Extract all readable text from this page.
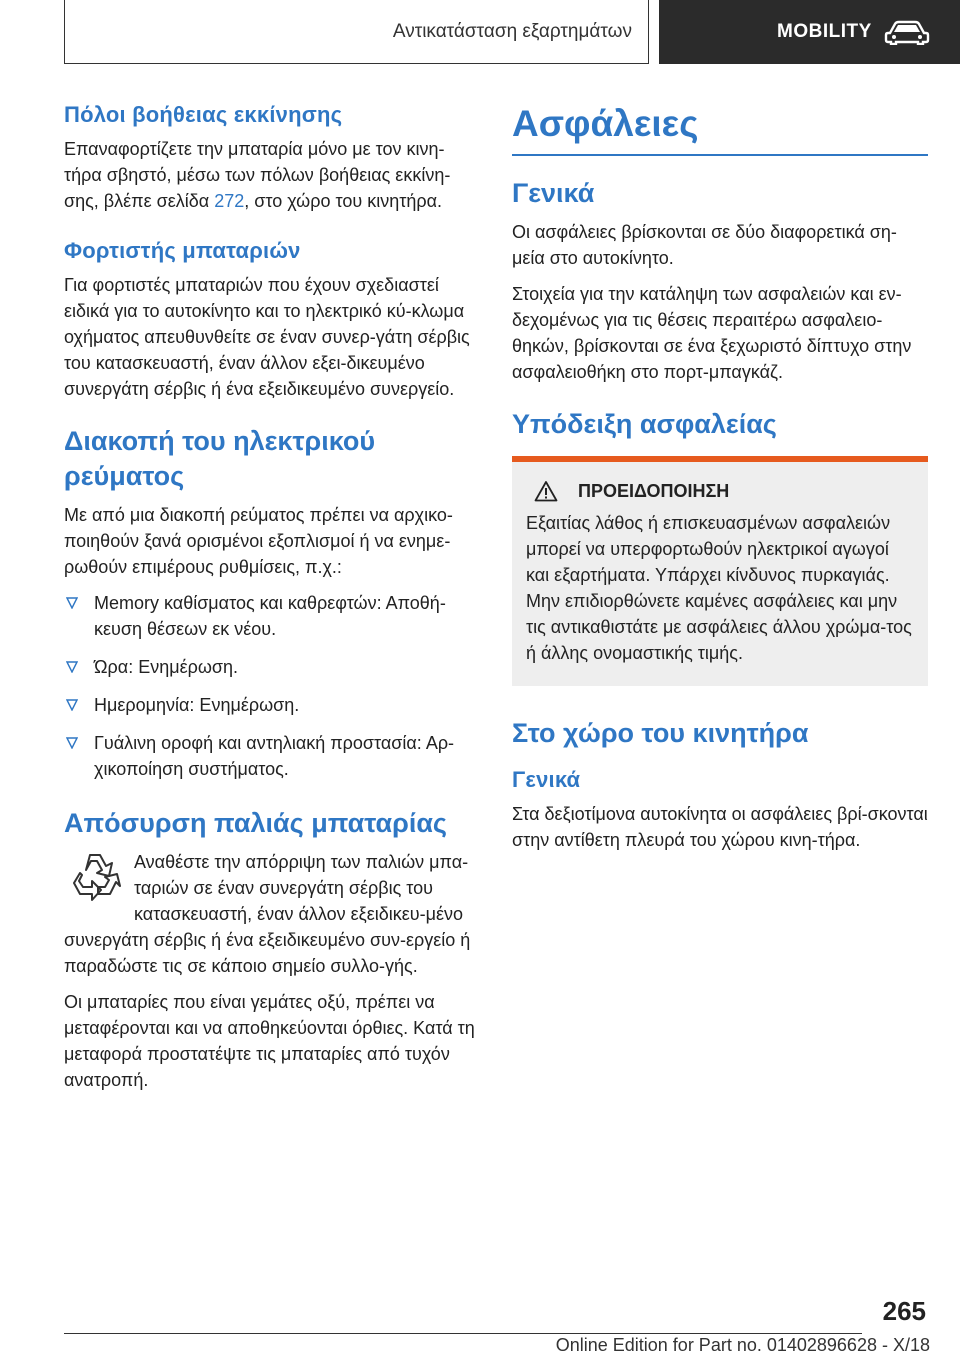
Αντικατάσταση εξαρτημάτων	MOBILITY
Πόλοι βοήθειας εκκίνησης

Επαναφορτίζετε την μπαταρία μόνο με τον κινη-τήρα σβηστό, μέσω των πόλων βοήθειας εκκίνη-σης, βλέπε σελίδα 272, στο χώρο του κινητήρα.

Φορτιστής μπαταριών

Για φορτιστές μπαταριών που έχουν σχεδιαστεί ειδικά για το αυτοκίνητο και το ηλεκτρικό κύ-κλωμα οχήματος απευθυνθείτε σε έναν συνερ-γάτη σέρβις του κατασκευαστή, έναν άλλον εξει-δικευμένο συνεργάτη σέρβις ή ένα εξειδικευμένο συνεργείο.

Διακοπή του ηλεκτρικού ρεύματος

Με από μια διακοπή ρεύματος πρέπει να αρχικο-ποιηθούν ξανά ορισμένοι εξοπλισμοί ή να ενημε-ρωθούν επιμέρους ρυθμίσεις, π.χ.:

Memory καθίσματος και καθρεφτών: Αποθή-κευση θέσεων εκ νέου.
Ώρα: Ενημέρωση.
Ημερομηνία: Ενημέρωση.
Γυάλινη οροφή και αντηλιακή προστασία: Αρ-χικοποίηση συστήματος.
Απόσυρση παλιάς μπαταρίας

Αναθέστε την απόρριψη των παλιών μπα-ταριών σε έναν συνεργάτη σέρβις του κατασκευαστή, έναν άλλον εξειδικευ-μένο συνεργάτη σέρβις ή ένα εξειδικευμένο συν-εργείο ή παραδώστε τις σε κάποιο σημείο συλλο-γής.

Οι μπαταρίες που είναι γεμάτες οξύ, πρέπει να μεταφέρονται και να αποθηκεύονται όρθιες. Κατά τη μεταφορά προστατέψτε τις μπαταρίες από τυχόν ανατροπή.

Ασφάλειες
Γενικά

Οι ασφάλειες βρίσκονται σε δύο διαφορετικά ση-μεία στο αυτοκίνητο.

Στοιχεία για την κατάληψη των ασφαλειών και εν-δεχομένως για τις θέσεις περαιτέρω ασφαλειο-θηκών, βρίσκονται σε ένα ξεχωριστό δίπτυχο στην ασφαλειοθήκη στο πορτ-μπαγκάζ.

Υπόδειξη ασφαλείας
ΠΡΟΕΙΔΟΠΟΙΗΣΗ

Εξαιτίας λάθος ή επισκευασμένων ασφαλειών μπορεί να υπερφορτωθούν ηλεκτρικοί αγωγοί και εξαρτήματα. Υπάρχει κίνδυνος πυρκαγιάς. Μην επιδιορθώνετε καμένες ασφάλειες και μην τις αντικαθιστάτε με ασφάλειες άλλου χρώμα-τος ή άλλης ονομαστικής τιμής.

Στο χώρο του κινητήρα
Γενικά

Στα δεξιοτίμονα αυτοκίνητα οι ασφάλειες βρί-σκονται στην αντίθετη πλευρά του χώρου κινη-τήρα.

265
Online Edition for Part no. 01402896628 - X/18
